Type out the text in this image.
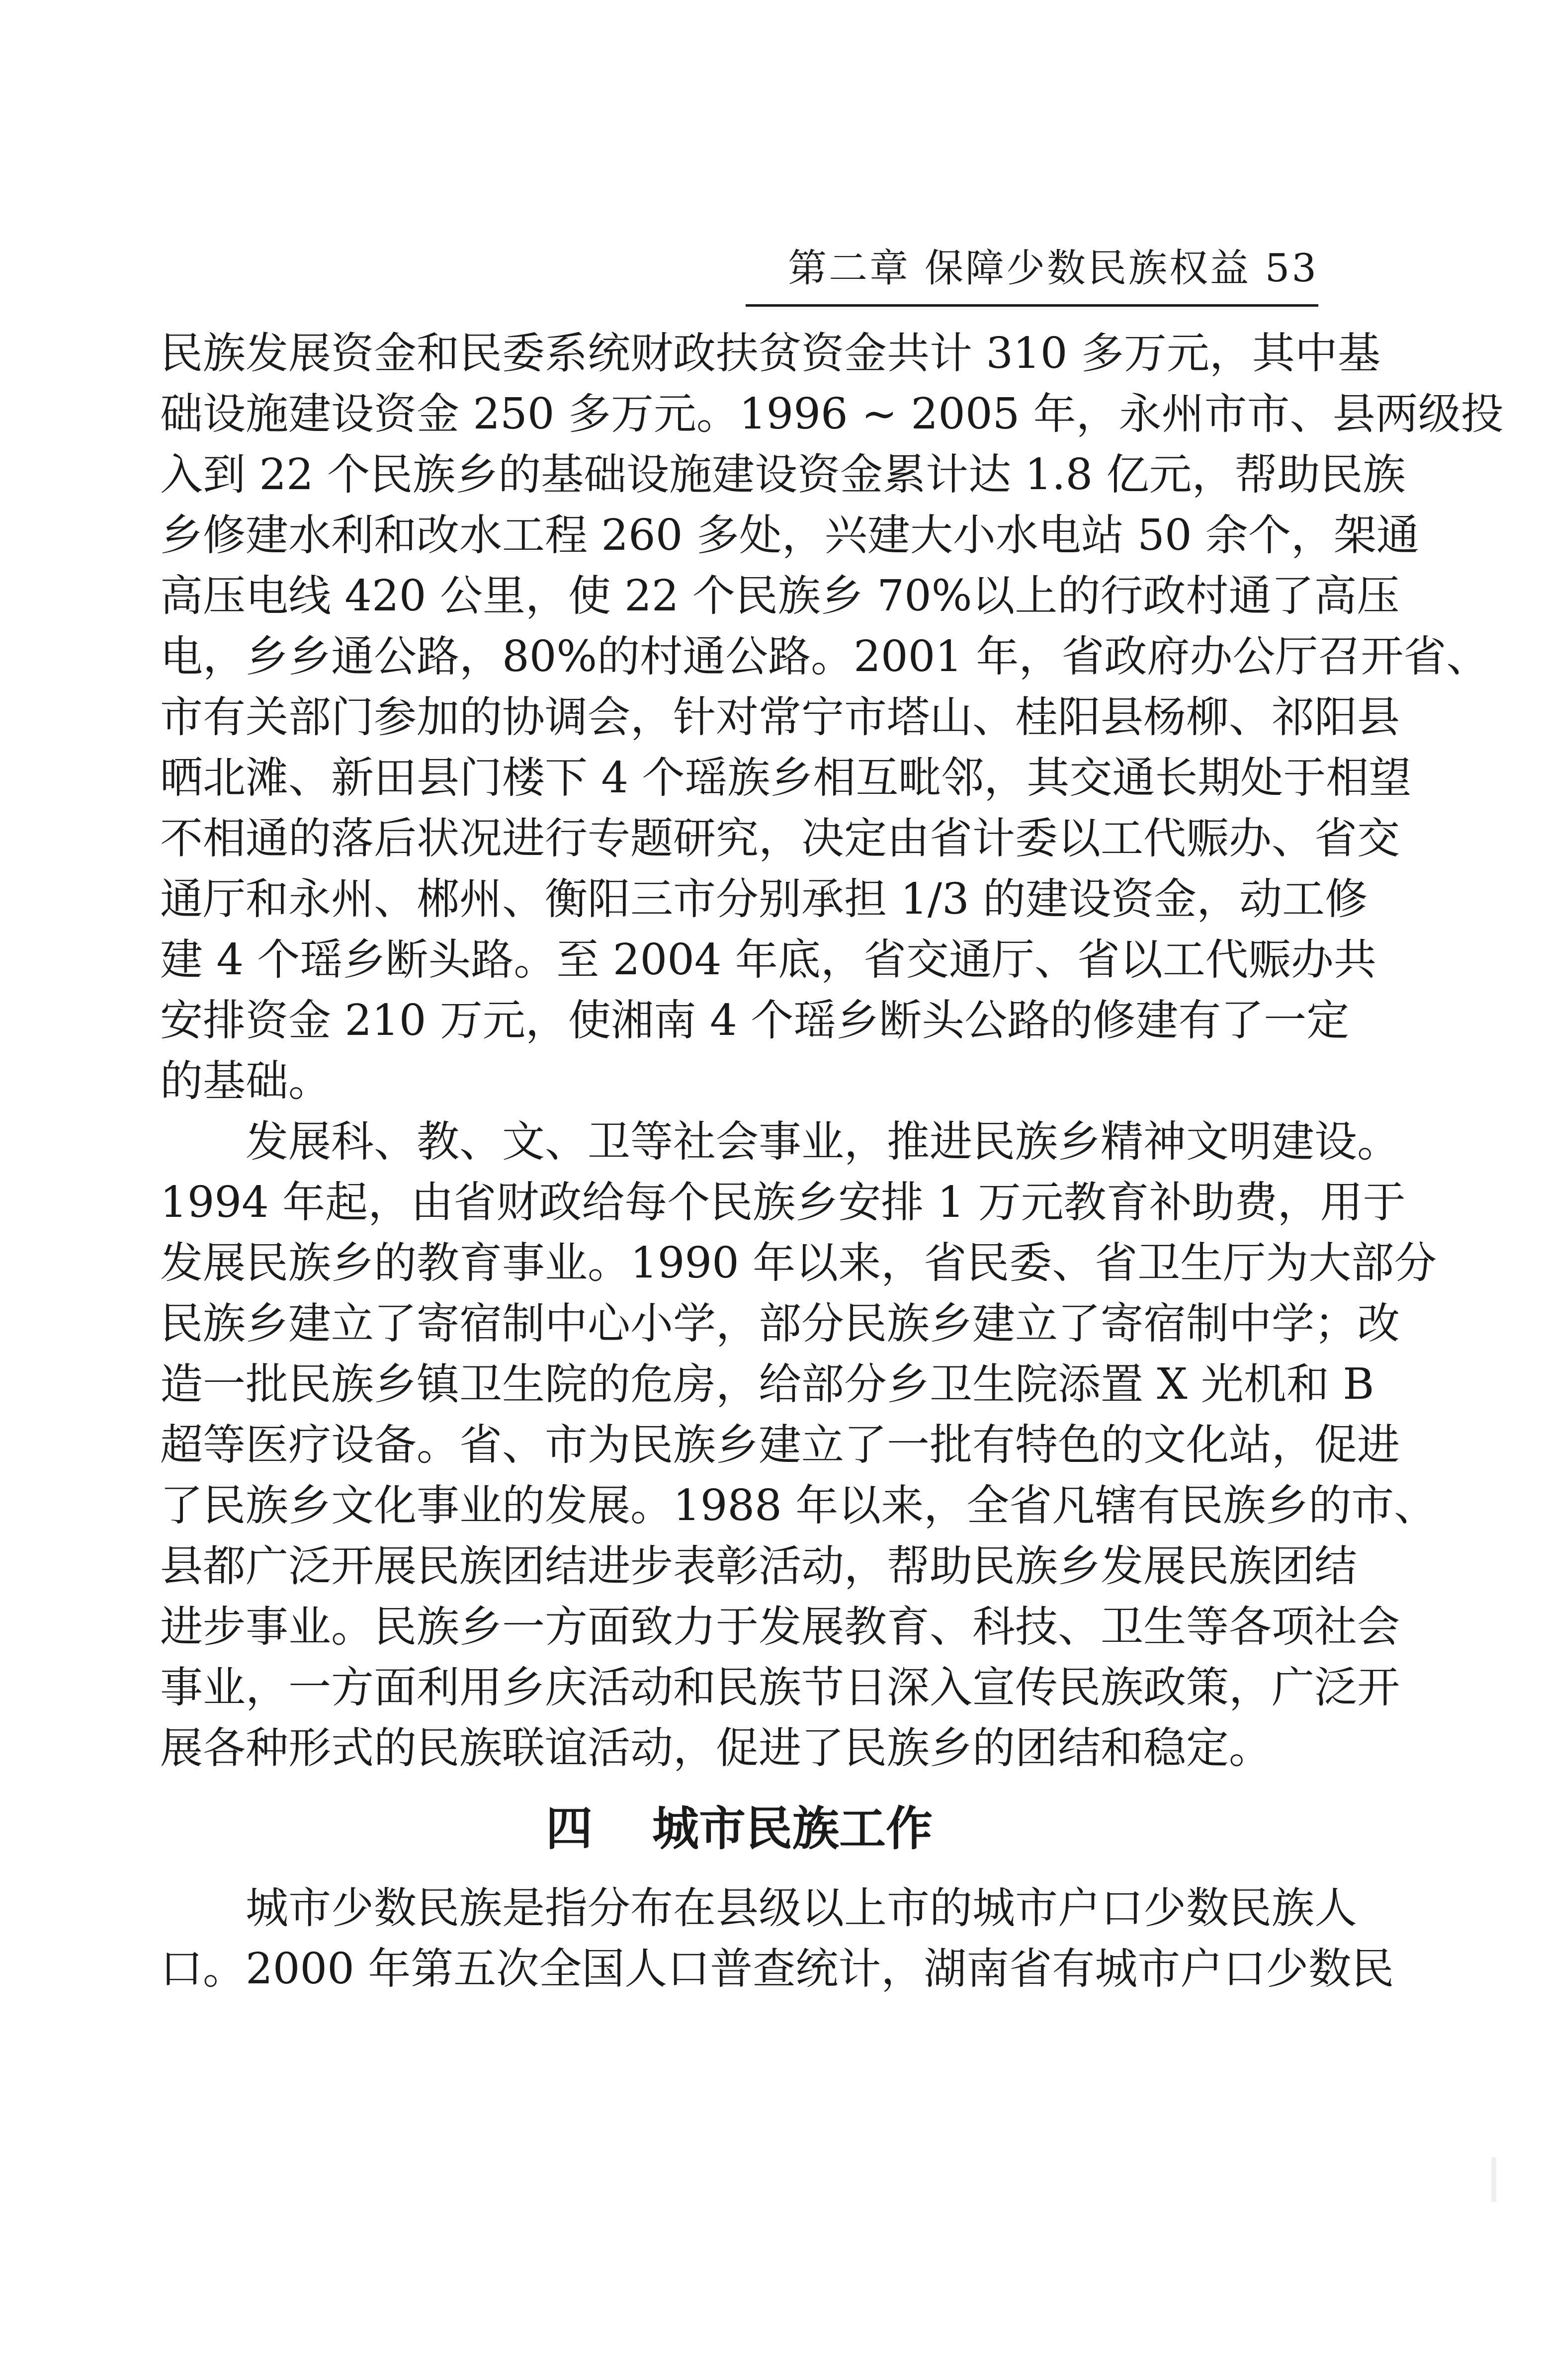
第二章 保障少数民族权益 53
民族发展资金和民委系统财政扶贫资金共计 310 多万元，其中基
础设施建设资金 250 多万元。1996 ~ 2005 年，永州市市、县两级投
入到 22 个民族乡的基础设施建设资金累计达 1.8 亿元，帮助民族
乡修建水利和改水工程 260 多处，兴建大小水电站 50 余个，架通
高压电线 420 公里，使 22 个民族乡 70%以上的行政村通了高压
电，乡乡通公路，80%的村通公路。2001 年，省政府办公厅召开省、
市有关部门参加的协调会，针对常宁市塔山、桂阳县杨柳、祁阳县
晒北滩、新田县门楼下 4 个瑶族乡相互毗邻，其交通长期处于相望
不相通的落后状况进行专题研究，决定由省计委以工代赈办、省交
通厅和永州、郴州、衡阳三市分别承担 1/3 的建设资金，动工修
建 4 个瑶乡断头路。至 2004 年底，省交通厅、省以工代赈办共
安排资金 210 万元，使湘南 4 个瑶乡断头公路的修建有了一定
的基础。
发展科、教、文、卫等社会事业，推进民族乡精神文明建设。
1994 年起，由省财政给每个民族乡安排 1 万元教育补助费，用于
发展民族乡的教育事业。1990 年以来，省民委、省卫生厅为大部分
民族乡建立了寄宿制中心小学，部分民族乡建立了寄宿制中学；改
造一批民族乡镇卫生院的危房，给部分乡卫生院添置 X 光机和 B
超等医疗设备。省、市为民族乡建立了一批有特色的文化站，促进
了民族乡文化事业的发展。1988 年以来，全省凡辖有民族乡的市、
县都广泛开展民族团结进步表彰活动，帮助民族乡发展民族团结
进步事业。民族乡一方面致力于发展教育、科技、卫生等各项社会
事业，一方面利用乡庆活动和民族节日深入宣传民族政策，广泛开
展各种形式的民族联谊活动，促进了民族乡的团结和稳定。
四 城市民族工作
城市少数民族是指分布在县级以上市的城市户口少数民族人
口。2000 年第五次全国人口普查统计，湖南省有城市户口少数民
